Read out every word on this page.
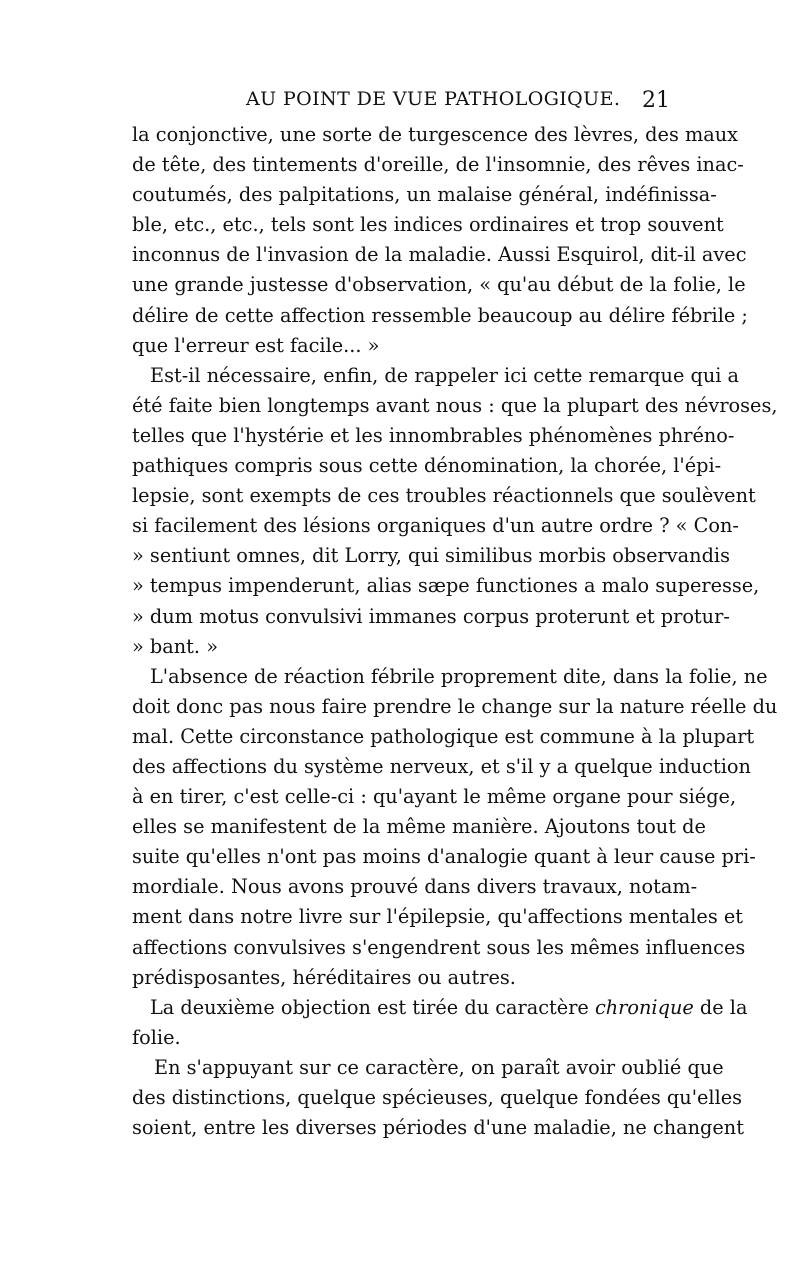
AU POINT DE VUE PATHOLOGIQUE. 21
la conjonctive, une sorte de turgescence des lèvres, des maux
de tête, des tintements d'oreille, de l'insomnie, des rêves inac-
coutumés, des palpitations, un malaise général, indéfinissa-
ble, etc., etc., tels sont les indices ordinaires et trop souvent
inconnus de l'invasion de la maladie. Aussi Esquirol, dit-il avec
une grande justesse d'observation, « qu'au début de la folie, le
délire de cette affection ressemble beaucoup au délire fébrile ;
que l'erreur est facile... »
Est-il nécessaire, enfin, de rappeler ici cette remarque qui a
été faite bien longtemps avant nous : que la plupart des névroses,
telles que l'hystérie et les innombrables phénomènes phréno-
pathiques compris sous cette dénomination, la chorée, l'épi-
lepsie, sont exempts de ces troubles réactionnels que soulèvent
si facilement des lésions organiques d'un autre ordre ? « Con-
» sentiunt omnes, dit Lorry, qui similibus morbis observandis
» tempus impenderunt, alias sæpe functiones a malo superesse,
» dum motus convulsivi immanes corpus proterunt et protur-
» bant. »
L'absence de réaction fébrile proprement dite, dans la folie, ne
doit donc pas nous faire prendre le change sur la nature réelle du
mal. Cette circonstance pathologique est commune à la plupart
des affections du système nerveux, et s'il y a quelque induction
à en tirer, c'est celle-ci : qu'ayant le même organe pour siége,
elles se manifestent de la même manière. Ajoutons tout de
suite qu'elles n'ont pas moins d'analogie quant à leur cause pri-
mordiale. Nous avons prouvé dans divers travaux, notam-
ment dans notre livre sur l'épilepsie, qu'affections mentales et
affections convulsives s'engendrent sous les mêmes influences
prédisposantes, héréditaires ou autres.
La deuxième objection est tirée du caractère chronique de la
folie.
En s'appuyant sur ce caractère, on paraît avoir oublié que
des distinctions, quelque spécieuses, quelque fondées qu'elles
soient, entre les diverses périodes d'une maladie, ne changent
